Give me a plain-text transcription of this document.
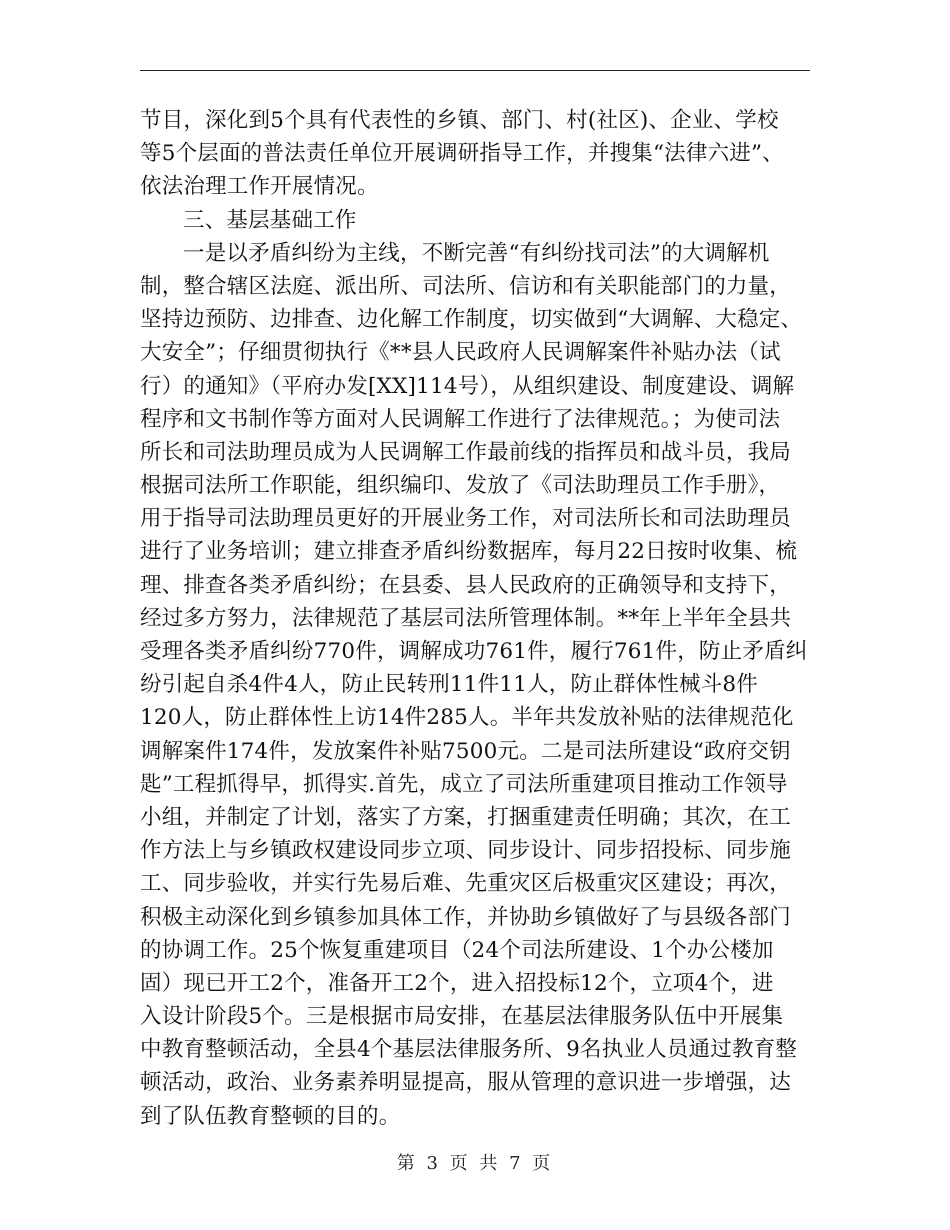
节目，深化到5个具有代表性的乡镇、部门、村(社区)、企业、学校
等5个层面的普法责任单位开展调研指导工作，并搜集“法律六进”、
依法治理工作开展情况。
三、基层基础工作
一是以矛盾纠纷为主线，不断完善“有纠纷找司法”的大调解机
制，整合辖区法庭、派出所、司法所、信访和有关职能部门的力量，
坚持边预防、边排查、边化解工作制度，切实做到“大调解、大稳定、
大安全”；仔细贯彻执行《**县人民政府人民调解案件补贴办法（试
行）的通知》（平府办发[XX]114号），从组织建设、制度建设、调解
程序和文书制作等方面对人民调解工作进行了法律规范。；为使司法
所长和司法助理员成为人民调解工作最前线的指挥员和战斗员，我局
根据司法所工作职能，组织编印、发放了《司法助理员工作手册》，
用于指导司法助理员更好的开展业务工作，对司法所长和司法助理员
进行了业务培训；建立排查矛盾纠纷数据库，每月22日按时收集、梳
理、排查各类矛盾纠纷；在县委、县人民政府的正确领导和支持下，
经过多方努力，法律规范了基层司法所管理体制。**年上半年全县共
受理各类矛盾纠纷770件，调解成功761件，履行761件，防止矛盾纠
纷引起自杀4件4人，防止民转刑11件11人，防止群体性械斗8件
120人，防止群体性上访14件285人。半年共发放补贴的法律规范化
调解案件174件，发放案件补贴7500元。二是司法所建设“政府交钥
匙”工程抓得早，抓得实.首先，成立了司法所重建项目推动工作领导
小组，并制定了计划，落实了方案，打捆重建责任明确；其次，在工
作方法上与乡镇政权建设同步立项、同步设计、同步招投标、同步施
工、同步验收，并实行先易后难、先重灾区后极重灾区建设；再次，
积极主动深化到乡镇参加具体工作，并协助乡镇做好了与县级各部门
的协调工作。25个恢复重建项目（24个司法所建设、1个办公楼加
固）现已开工2个，准备开工2个，进入招投标12个，立项4个，进
入设计阶段5个。三是根据市局安排，在基层法律服务队伍中开展集
中教育整顿活动，全县4个基层法律服务所、9名执业人员通过教育整
顿活动，政治、业务素养明显提高，服从管理的意识进一步增强，达
到了队伍教育整顿的目的。
第 3 页 共 7 页
